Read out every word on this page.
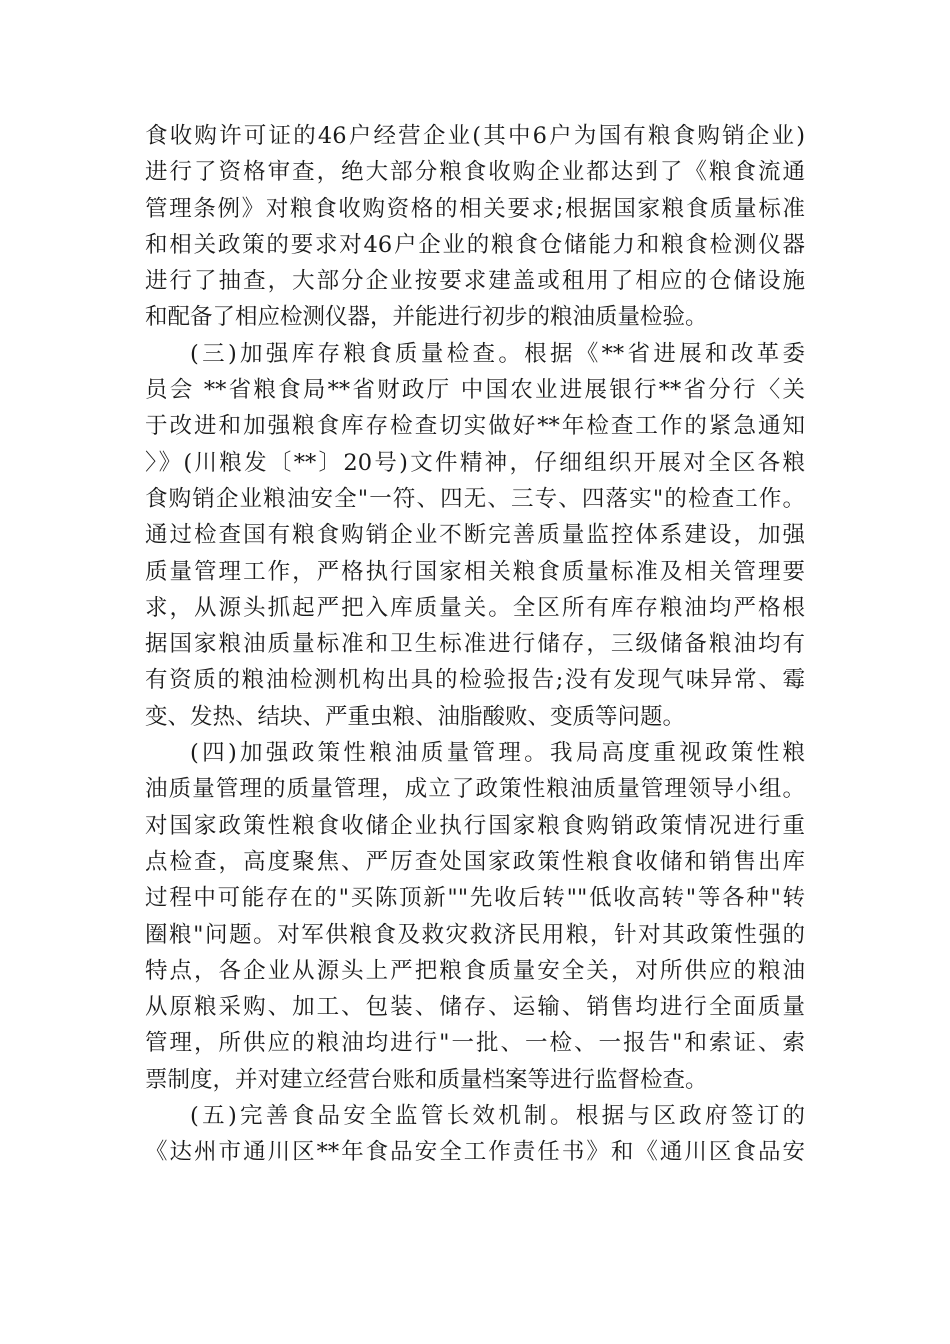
食收购许可证的46户经营企业(其中6户为国有粮食购销企业)
进行了资格审查，绝大部分粮食收购企业都达到了《粮食流通
管理条例》对粮食收购资格的相关要求;根据国家粮食质量标准
和相关政策的要求对46户企业的粮食仓储能力和粮食检测仪器
进行了抽查，大部分企业按要求建盖或租用了相应的仓储设施
和配备了相应检测仪器，并能进行初步的粮油质量检验。
(三)加强库存粮食质量检查。根据《**省进展和改革委
员会 **省粮食局**省财政厅 中国农业进展银行**省分行〈关
于改进和加强粮食库存检查切实做好**年检查工作的紧急通知
〉》(川粮发〔**〕20号)文件精神，仔细组织开展对全区各粮
食购销企业粮油安全"一符、四无、三专、四落实"的检查工作。
通过检查国有粮食购销企业不断完善质量监控体系建设，加强
质量管理工作，严格执行国家相关粮食质量标准及相关管理要
求，从源头抓起严把入库质量关。全区所有库存粮油均严格根
据国家粮油质量标准和卫生标准进行储存，三级储备粮油均有
有资质的粮油检测机构出具的检验报告;没有发现气味异常、霉
变、发热、结块、严重虫粮、油脂酸败、变质等问题。
(四)加强政策性粮油质量管理。我局高度重视政策性粮
油质量管理的质量管理，成立了政策性粮油质量管理领导小组。
对国家政策性粮食收储企业执行国家粮食购销政策情况进行重
点检查，高度聚焦、严厉查处国家政策性粮食收储和销售出库
过程中可能存在的"买陈顶新""先收后转""低收高转"等各种"转
圈粮"问题。对军供粮食及救灾救济民用粮，针对其政策性强的
特点，各企业从源头上严把粮食质量安全关，对所供应的粮油
从原粮采购、加工、包装、储存、运输、销售均进行全面质量
管理，所供应的粮油均进行"一批、一检、一报告"和索证、索
票制度，并对建立经营台账和质量档案等进行监督检查。
(五)完善食品安全监管长效机制。根据与区政府签订的
《达州市通川区**年食品安全工作责任书》和《通川区食品安
